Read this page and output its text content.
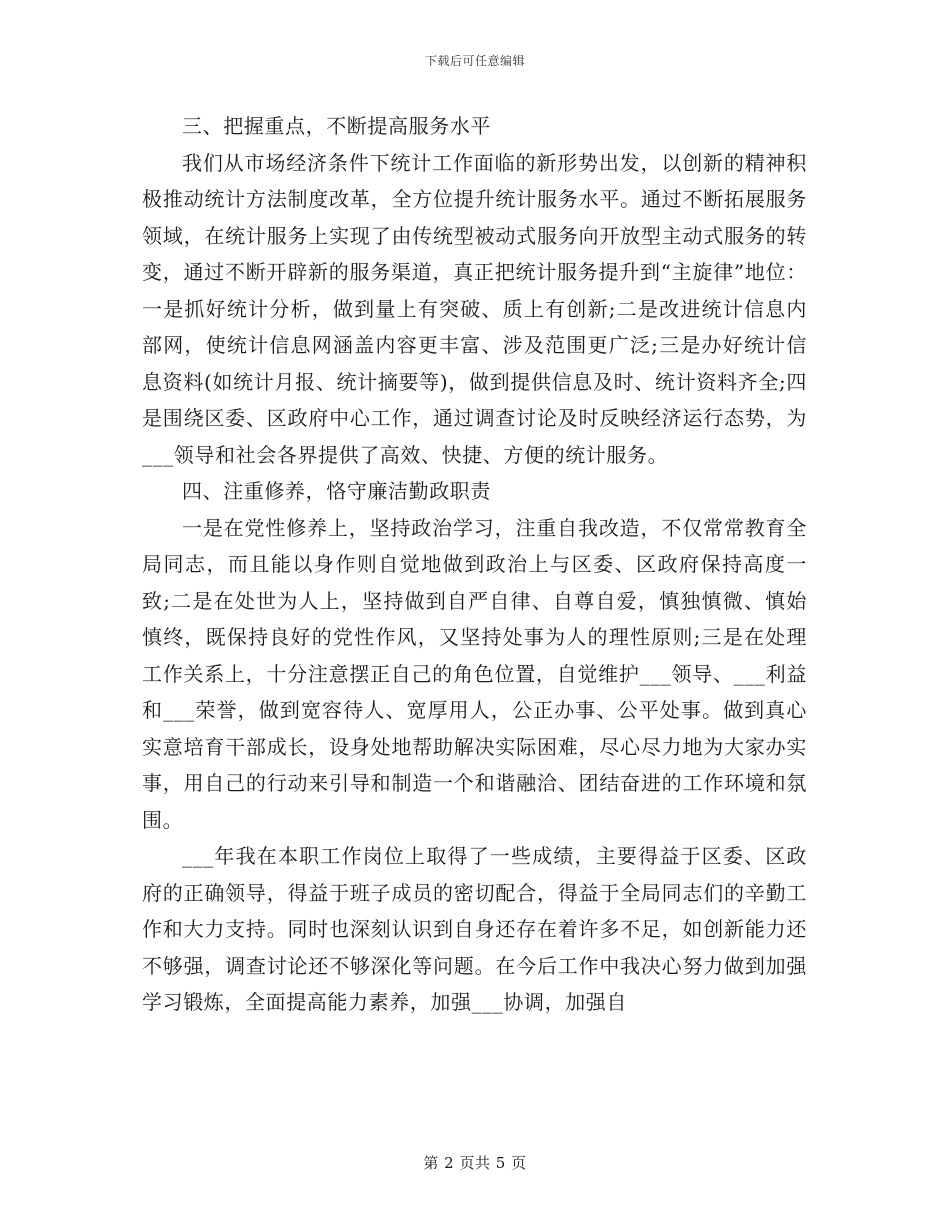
下载后可任意编辑

三、把握重点，不断提高服务水平

我们从市场经济条件下统计工作面临的新形势出发，以创新的精神积极推动统计方法制度改革，全方位提升统计服务水平。通过不断拓展服务领域，在统计服务上实现了由传统型被动式服务向开放型主动式服务的转变，通过不断开辟新的服务渠道，真正把统计服务提升到“主旋律”地位：一是抓好统计分析，做到量上有突破、质上有创新;二是改进统计信息内部网，使统计信息网涵盖内容更丰富、涉及范围更广泛;三是办好统计信息资料(如统计月报、统计摘要等)，做到提供信息及时、统计资料齐全;四是围绕区委、区政府中心工作，通过调查讨论及时反映经济运行态势，为___领导和社会各界提供了高效、快捷、方便的统计服务。

四、注重修养，恪守廉洁勤政职责

一是在党性修养上，坚持政治学习，注重自我改造，不仅常常教育全局同志，而且能以身作则自觉地做到政治上与区委、区政府保持高度一致;二是在处世为人上，坚持做到自严自律、自尊自爱，慎独慎微、慎始慎终，既保持良好的党性作风，又坚持处事为人的理性原则;三是在处理工作关系上，十分注意摆正自己的角色位置，自觉维护___领导、___利益和___荣誉，做到宽容待人、宽厚用人，公正办事、公平处事。做到真心实意培育干部成长，设身处地帮助解决实际困难，尽心尽力地为大家办实事，用自己的行动来引导和制造一个和谐融洽、团结奋进的工作环境和氛围。

___年我在本职工作岗位上取得了一些成绩，主要得益于区委、区政府的正确领导，得益于班子成员的密切配合，得益于全局同志们的辛勤工作和大力支持。同时也深刻认识到自身还存在着许多不足，如创新能力还不够强，调查讨论还不够深化等问题。在今后工作中我决心努力做到加强学习锻炼，全面提高能力素养，加强___协调，加强自

第 2 页共 5 页
